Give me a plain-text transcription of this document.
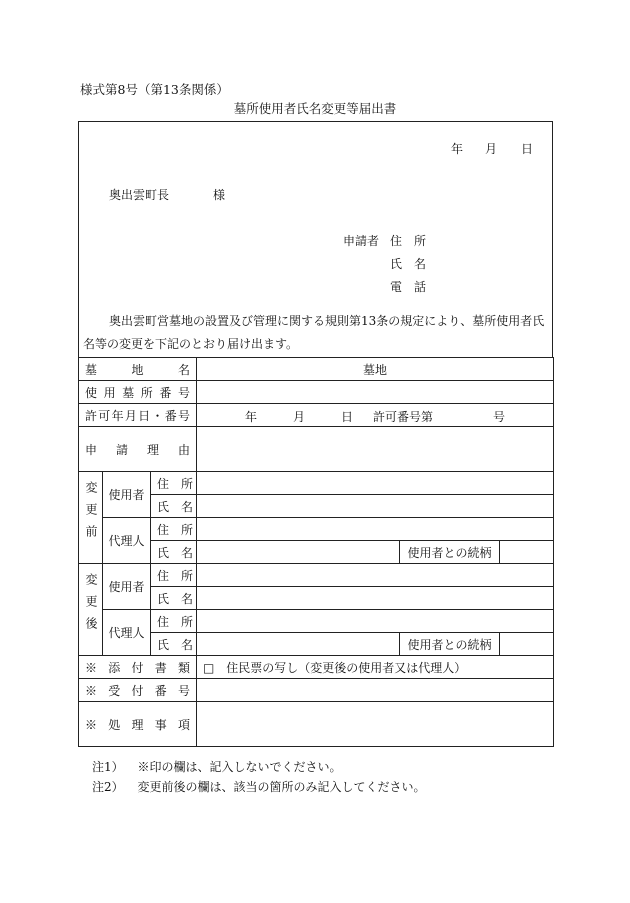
様式第8号（第13条関係）
墓所使用者氏名変更等届出書
年 月 日
奥出雲町長	様
申請者 住　所
氏　名
電　話
奥出雲町営墓地の設置及び管理に関する規則第13条の規定により、墓所使用者氏名等の変更を下記のとおり届け出ます。
墓地名			墓地		
使用墓所番号					
許可年月日・番号			年 月 日 許可番号第 号		

申請理由					
変更前	使用者	住　所			
		氏　名			
	代理人	住　所			
		氏　名		使用者との続柄	
変更後	使用者	住　所			
		氏　名			
	代理人	住　所			
		氏　名		使用者との続柄	
※添付書類			□ 住民票の写し（変更後の使用者又は代理人）		
※受付番号					
※処理事項					
注1） ※印の欄は、記入しないでください。
注2） 変更前後の欄は、該当の箇所のみ記入してください。
